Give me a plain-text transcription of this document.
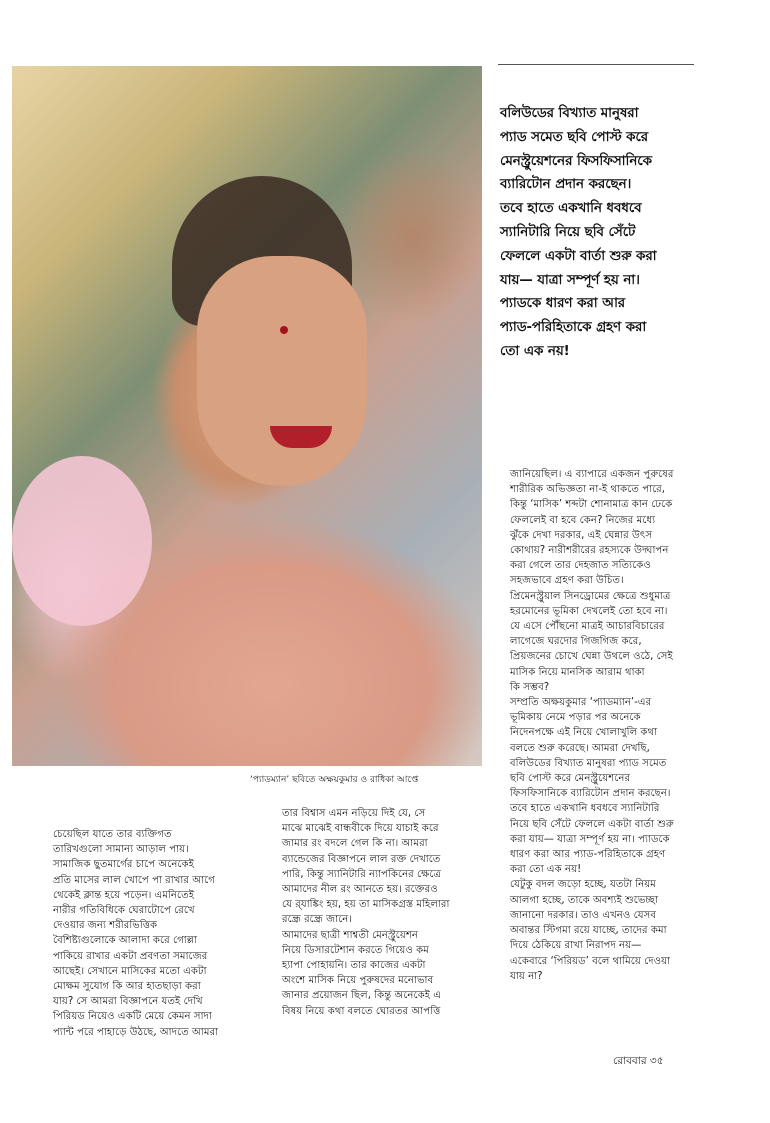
‘প্যাডম্যান’ ছবিতে অক্ষয়কুমার ও রাধিকা আপ্তে

বলিউডের বিখ্যাত মানুষরা
প্যাড সমেত ছবি পোস্ট করে
মেনস্ট্রুয়েশনের ফিসফিসানিকে
ব্যারিটোন প্রদান করছেন।
তবে হাতে একখানি ধবধবে
স্যানিটারি নিয়ে ছবি সেঁটে
ফেললে একটা বার্তা শুরু করা
যায়— যাত্রা সম্পূর্ণ হয় না।
প্যাডকে ধারণ করা আর
প্যাড-পরিহিতাকে গ্রহণ করা
তো এক নয়!

চেয়েছিল যাতে তার ব্যক্তিগত
তারিখগুলো সামান্য আড়াল পায়।
সামাজিক ছুতমার্গের চাপে অনেকেই
প্রতি মাসের লাল খোপে পা রাখার আগে
থেকেই ক্লান্ত হয়ে পড়েন। এমনিতেই
নারীর গতিবিধিকে ঘেরাটোপে রেখে
দেওয়ার জন্য শরীরভিত্তিক
বৈশিষ্ট্যগুলোকে আলাদা করে গোল্লা
পাকিয়ে রাখার একটা প্রবণতা সমাজের
আছেই। সেখানে মাসিকের মতো একটা
মোক্ষম সুযোগ কি আর হাতছাড়া করা
যায়? সে আমরা বিজ্ঞাপনে যতই দেখি
পিরিয়ড নিয়েও একটি মেয়ে কেমন সাদা
প্যান্ট পরে পাহাড়ে উঠছে, আদতে আমরা

তার বিশ্বাস এমন নড়িয়ে দিই যে, সে
মাঝে মাঝেই বান্ধবীকে দিয়ে যাচাই করে
জামার রং বদলে গেল কি না। আমরা
ব্যান্ডেজের বিজ্ঞাপনে লাল রক্ত দেখাতে
পারি, কিন্তু স্যানিটারি ন্যাপকিনের ক্ষেত্রে
আমাদের নীল রং আনতে হয়। রক্তেরও
যে র্‍যাঙ্কিং হয়, হয় তা মাসিকগ্রস্ত মহিলারা
রন্ধ্রে রন্ধ্রে জানে।
আমাদের ছাত্রী শাশ্বতী মেনস্ট্রুয়েশন
নিয়ে ডিসারটেশান করতে গিয়েও কম
হ্যাপা পোহায়নি। তার কাজের একটা
অংশে মাসিক নিয়ে পুরুষদের মনোভাব
জানার প্রয়োজন ছিল, কিন্তু অনেকেই এ
বিষয় নিয়ে কথা বলতে ঘোরতর আপত্তি

জানিয়েছিল। এ ব্যাপারে একজন পুরুষের
শারীরিক অভিজ্ঞতা না-ই থাকতে পারে,
কিন্তু ‘মাসিক’ শব্দটা শোনামাত্র কান ঢেকে
ফেললেই বা হবে কেন? নিজের মধ্যে
ঝুঁকে দেখা দরকার, এই ঘেন্নার উৎস
কোথায়? নারীশরীরের রহস্যকে উদ্ঘাপন
করা গেলে তার দেহজাত সত্যিকেও
সহজভাবে গ্রহণ করা উচিত।
প্রিমেনস্ট্রুয়াল সিনড্রোমের ক্ষেত্রে শুধুমাত্র
হরমোনের ভূমিকা দেখলেই তো হবে না।
যে এসে পৌঁছনো মাত্রই আচারবিচারের
লাগেজে ঘরদোর গিজগিজ করে,
প্রিয়জনের চোখে ঘেন্না উথলে ওঠে, সেই
মাসিক নিয়ে মানসিক আরাম থাকা
কি সম্ভব?
সম্প্রতি অক্ষয়কুমার ‘প্যাডম্যান’-এর
ভূমিকায় নেমে পড়ার পর অনেকে
নিদেনপক্ষে এই নিয়ে খোলাখুলি কথা
বলতে শুরু করেছে। আমরা দেখছি,
বলিউডের বিখ্যাত মানুষরা প্যাড সমেত
ছবি পোস্ট করে মেনস্ট্রুয়েশনের
ফিসফিসানিকে ব্যারিটোন প্রদান করছেন।
তবে হাতে একখানি ধবধবে স্যানিটারি
নিয়ে ছবি সেঁটে ফেললে একটা বার্তা শুরু
করা যায়— যাত্রা সম্পূর্ণ হয় না। প্যাডকে
ধারণ করা আর প্যাড-পরিহিতাকে গ্রহণ
করা তো এক নয়!
যেটুকু বদল জড়ো হচ্ছে, যতটা নিয়ম
আলগা হচ্ছে, তাকে অবশ্যই শুভেচ্ছা
জানানো দরকার। তাও এখনও যেসব
অবান্তর স্টিগমা রয়ে যাচ্ছে, তাদের কমা
দিয়ে ঠেকিয়ে রাখা নিরাপদ নয়—
একেবারে ‘পিরিয়ড’ বলে থামিয়ে দেওয়া
যায় না?

রোববার ৩৫
